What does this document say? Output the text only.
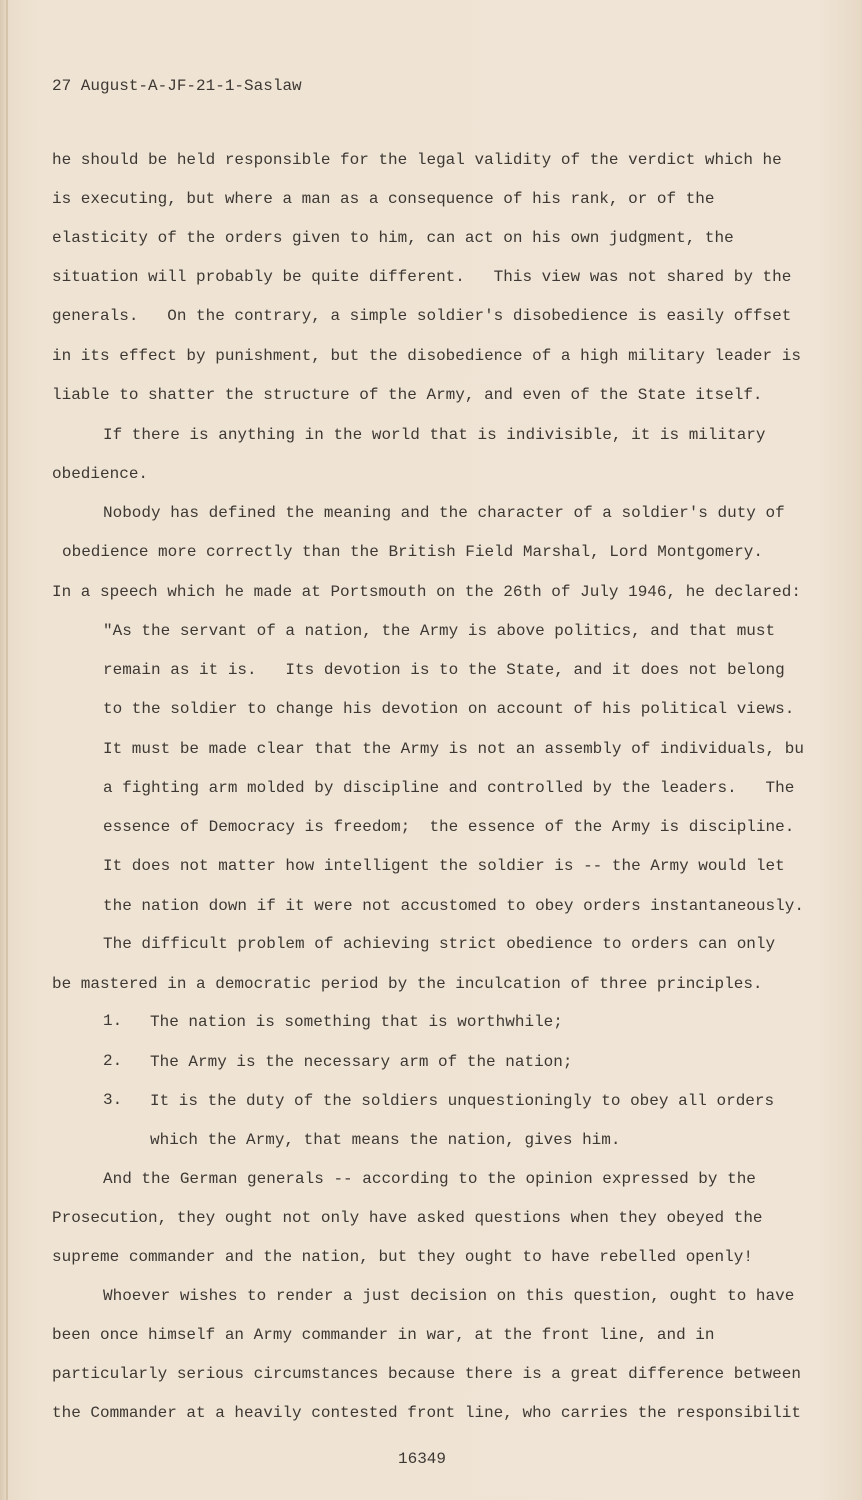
27 August-A-JF-21-1-Saslaw
he should be held responsible for the legal validity of the verdict which he
is executing, but where a man as a consequence of his rank, or of the
elasticity of the orders given to him, can act on his own judgment, the
situation will probably be quite different.   This view was not shared by the
generals.   On the contrary, a simple soldier's disobedience is easily offset
in its effect by punishment, but the disobedience of a high military leader is
liable to shatter the structure of the Army, and even of the State itself.
If there is anything in the world that is indivisible, it is military
obedience.
Nobody has defined the meaning and the character of a soldier's duty of
obedience more correctly than the British Field Marshal, Lord Montgomery.
In a speech which he made at Portsmouth on the 26th of July 1946, he declared:
"As the servant of a nation, the Army is above politics, and that must
remain as it is.   Its devotion is to the State, and it does not belong
to the soldier to change his devotion on account of his political views.
It must be made clear that the Army is not an assembly of individuals, bu
a fighting arm molded by discipline and controlled by the leaders.   The
essence of Democracy is freedom;  the essence of the Army is discipline.
It does not matter how intelligent the soldier is -- the Army would let
the nation down if it were not accustomed to obey orders instantaneously.
The difficult problem of achieving strict obedience to orders can only
be mastered in a democratic period by the inculcation of three principles.
1. The nation is something that is worthwhile;
2. The Army is the necessary arm of the nation;
3. It is the duty of the soldiers unquestioningly to obey all orders
which the Army, that means the nation, gives him.
And the German generals -- according to the opinion expressed by the
Prosecution, they ought not only have asked questions when they obeyed the
supreme commander and the nation, but they ought to have rebelled openly!
Whoever wishes to render a just decision on this question, ought to have
been once himself an Army commander in war, at the front line, and in
particularly serious circumstances because there is a great difference between
the Commander at a heavily contested front line, who carries the responsibilit
16349
